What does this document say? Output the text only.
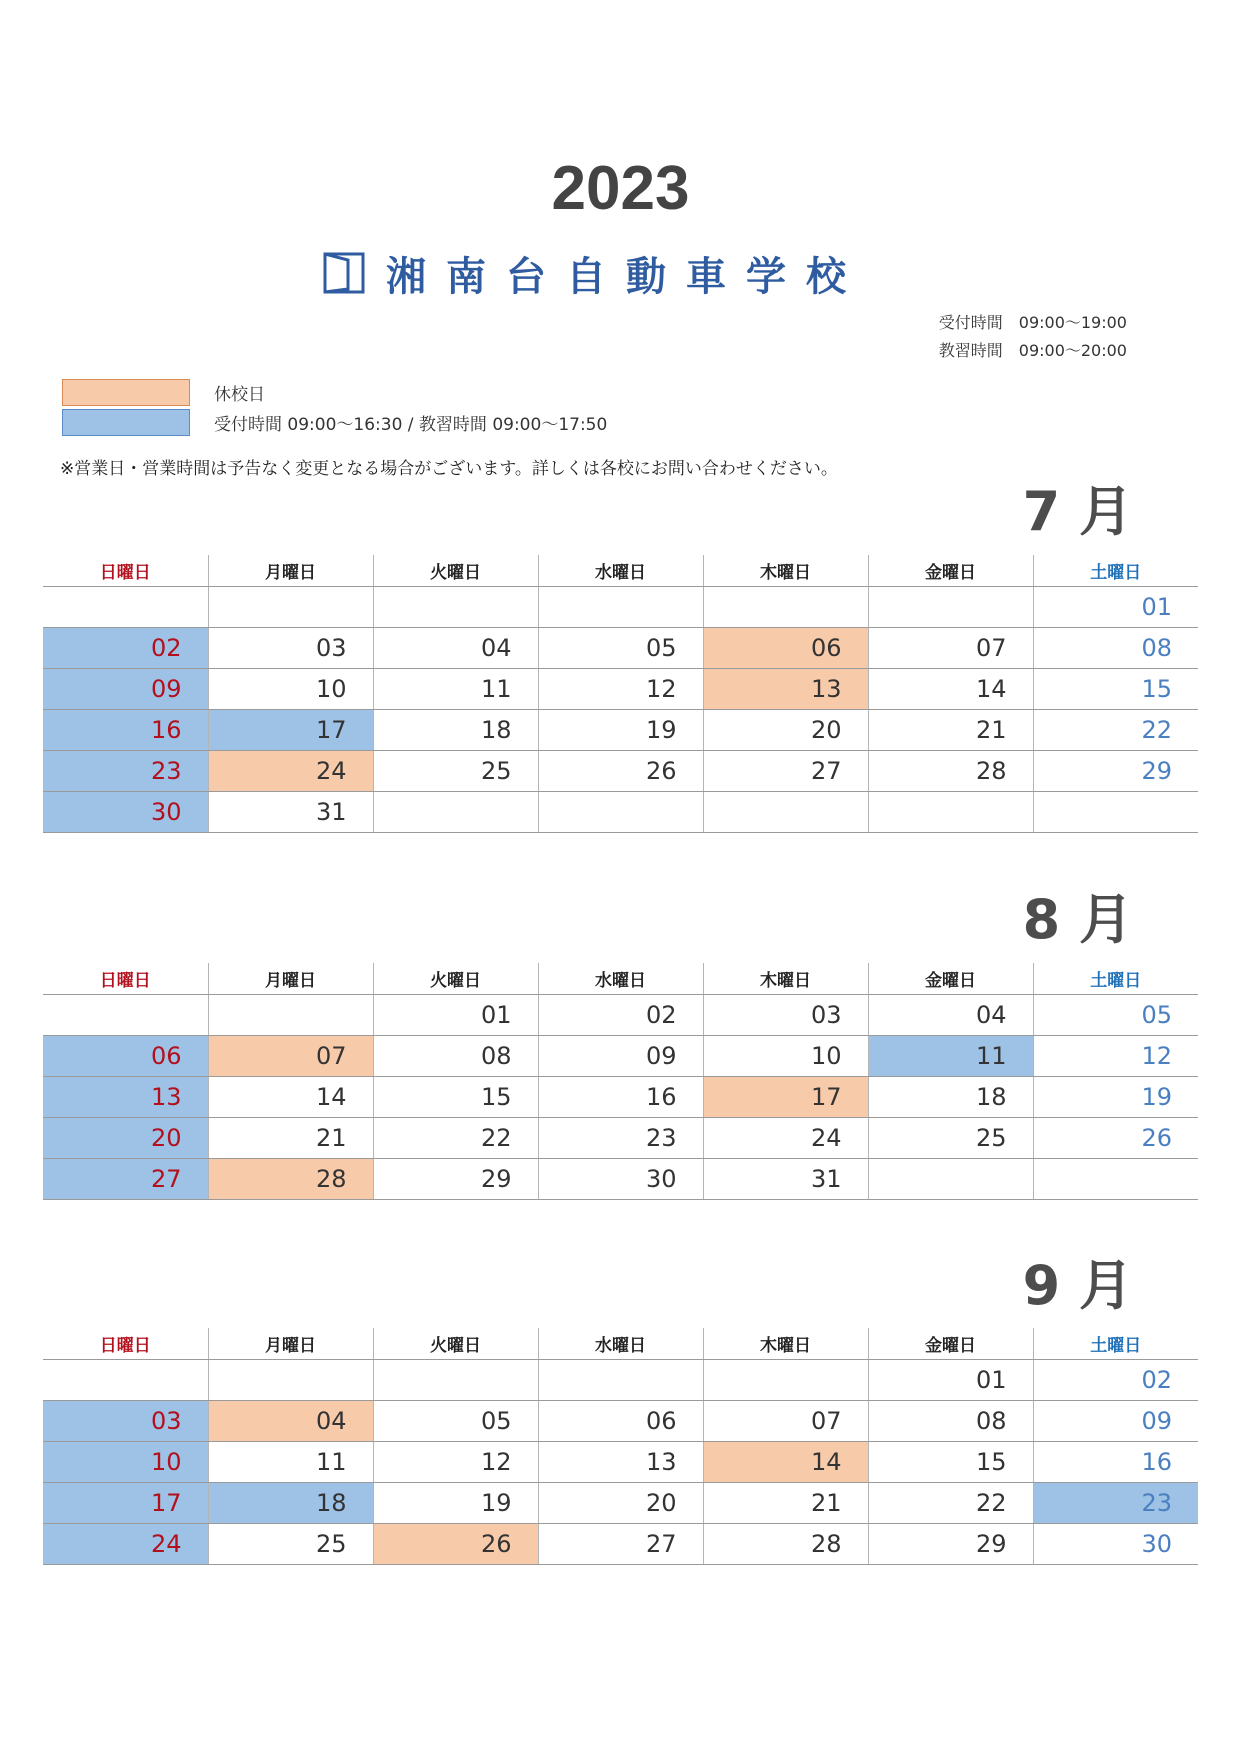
2023
湘南台自動車学校
受付時間 09:00〜19:00
教習時間 09:00〜20:00
休校日
受付時間 09:00〜16:30 / 教習時間 09:00〜17:50
※営業日・営業時間は予告なく変更となる場合がございます。詳しくは各校にお問い合わせください。
7 月
日曜日	月曜日	火曜日	水曜日	木曜日	金曜日	土曜日
						01
02	03	04	05	06	07	08
09	10	11	12	13	14	15
16	17	18	19	20	21	22
23	24	25	26	27	28	29
30	31					
8 月
日曜日	月曜日	火曜日	水曜日	木曜日	金曜日	土曜日
		01	02	03	04	05
06	07	08	09	10	11	12
13	14	15	16	17	18	19
20	21	22	23	24	25	26
27	28	29	30	31		
9 月
日曜日	月曜日	火曜日	水曜日	木曜日	金曜日	土曜日
					01	02
03	04	05	06	07	08	09
10	11	12	13	14	15	16
17	18	19	20	21	22	23
24	25	26	27	28	29	30
